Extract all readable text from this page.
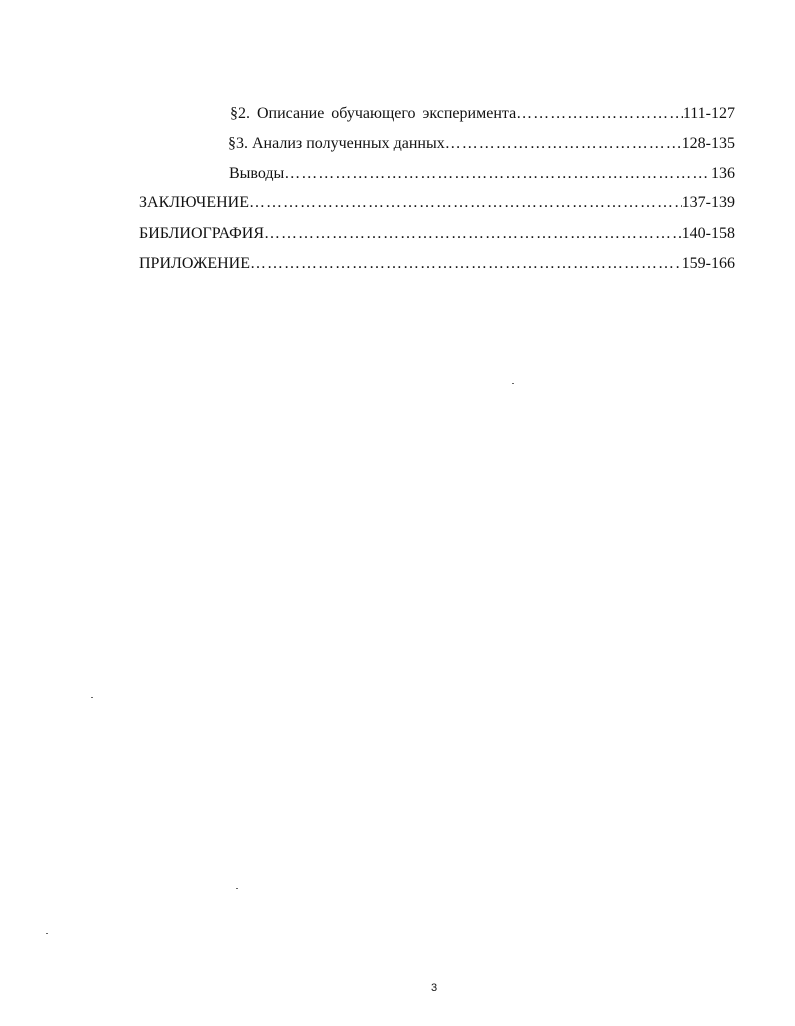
§2. Описание обучающего эксперимента ……………………………………………………………………………………………………………………………………………	111-127
§3. Анализ полученных данных ……………………………………………………………………………………………………………………………………………	128-135
Выводы ……………………………………………………………………………………………………………………………………………	136
ЗАКЛЮЧЕНИЕ ……………………………………………………………………………………………………………………………………………	137-139
БИБЛИОГРАФИЯ ……………………………………………………………………………………………………………………………………………	140-158
ПРИЛОЖЕНИЕ ……………………………………………………………………………………………………………………………………………	159-166
3
